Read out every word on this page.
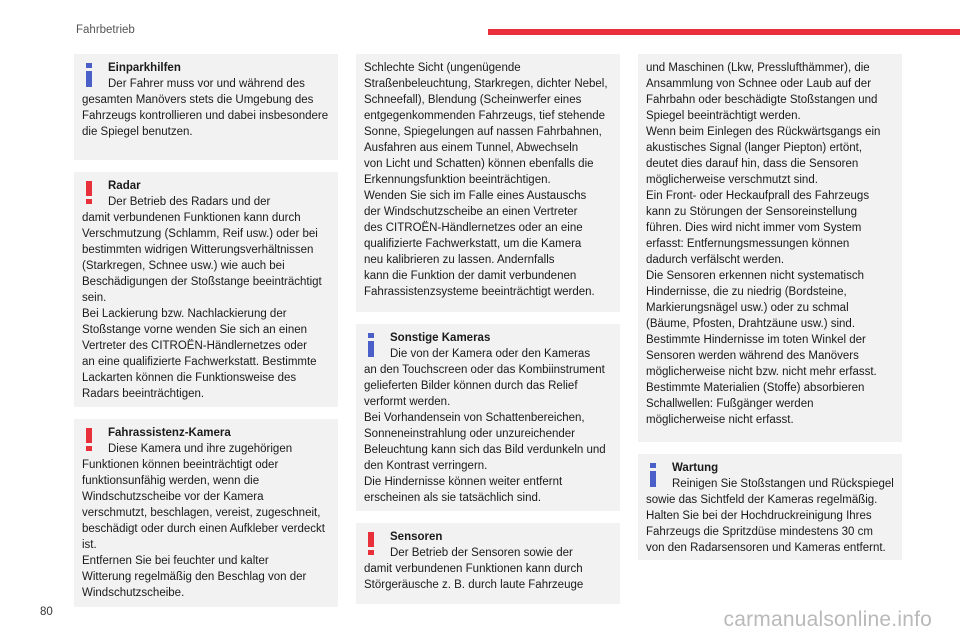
Fahrbetrieb

Einparkhilfen

Der Fahrer muss vor und während des

gesamten Manövers stets die Umgebung des

Fahrzeugs kontrollieren und dabei insbesondere

die Spiegel benutzen.

Radar

Der Betrieb des Radars und der

damit verbundenen Funktionen kann durch

Verschmutzung (Schlamm, Reif usw.) oder bei

bestimmten widrigen Witterungsverhältnissen

(Starkregen, Schnee usw.) wie auch bei

Beschädigungen der Stoßstange beeinträchtigt

sein.

Bei Lackierung bzw. Nachlackierung der

Stoßstange vorne wenden Sie sich an einen

Vertreter des CITROËN-Händlernetzes oder

an eine qualifizierte Fachwerkstatt. Bestimmte

Lackarten können die Funktionsweise des

Radars beeinträchtigen.

Fahrassistenz-Kamera

Diese Kamera und ihre zugehörigen

Funktionen können beeinträchtigt oder

funktionsunfähig werden, wenn die

Windschutzscheibe vor der Kamera

verschmutzt, beschlagen, vereist, zugeschneit,

beschädigt oder durch einen Aufkleber verdeckt

ist.

Entfernen Sie bei feuchter und kalter

Witterung regelmäßig den Beschlag von der

Windschutzscheibe.

Schlechte Sicht (ungenügende

Straßenbeleuchtung, Starkregen, dichter Nebel,

Schneefall), Blendung (Scheinwerfer eines

entgegenkommenden Fahrzeugs, tief stehende

Sonne, Spiegelungen auf nassen Fahrbahnen,

Ausfahren aus einem Tunnel, Abwechseln

von Licht und Schatten) können ebenfalls die

Erkennungsfunktion beeinträchtigen.

Wenden Sie sich im Falle eines Austauschs

der Windschutzscheibe an einen Vertreter

des CITROËN-Händlernetzes oder an eine

qualifizierte Fachwerkstatt, um die Kamera

neu kalibrieren zu lassen. Andernfalls

kann die Funktion der damit verbundenen

Fahrassistenzsysteme beeinträchtigt werden.

Sonstige Kameras

Die von der Kamera oder den Kameras

an den Touchscreen oder das Kombiinstrument

gelieferten Bilder können durch das Relief

verformt werden.

Bei Vorhandensein von Schattenbereichen,

Sonneneinstrahlung oder unzureichender

Beleuchtung kann sich das Bild verdunkeln und

den Kontrast verringern.

Die Hindernisse können weiter entfernt

erscheinen als sie tatsächlich sind.

Sensoren

Der Betrieb der Sensoren sowie der

damit verbundenen Funktionen kann durch

Störgeräusche z. B. durch laute Fahrzeuge

und Maschinen (Lkw, Presslufthämmer), die

Ansammlung von Schnee oder Laub auf der

Fahrbahn oder beschädigte Stoßstangen und

Spiegel beeinträchtigt werden.

Wenn beim Einlegen des Rückwärtsgangs ein

akustisches Signal (langer Piepton) ertönt,

deutet dies darauf hin, dass die Sensoren

möglicherweise verschmutzt sind.

Ein Front- oder Heckaufprall des Fahrzeugs

kann zu Störungen der Sensoreinstellung

führen. Dies wird nicht immer vom System

erfasst: Entfernungsmessungen können

dadurch verfälscht werden.

Die Sensoren erkennen nicht systematisch

Hindernisse, die zu niedrig (Bordsteine,

Markierungsnägel usw.) oder zu schmal

(Bäume, Pfosten, Drahtzäune usw.) sind.

Bestimmte Hindernisse im toten Winkel der

Sensoren werden während des Manövers

möglicherweise nicht bzw. nicht mehr erfasst.

Bestimmte Materialien (Stoffe) absorbieren

Schallwellen: Fußgänger werden

möglicherweise nicht erfasst.

Wartung

Reinigen Sie Stoßstangen und Rückspiegel

sowie das Sichtfeld der Kameras regelmäßig.

Halten Sie bei der Hochdruckreinigung Ihres

Fahrzeugs die Spritzdüse mindestens 30 cm

von den Radarsensoren und Kameras entfernt.

80	carmanualsonline.info
